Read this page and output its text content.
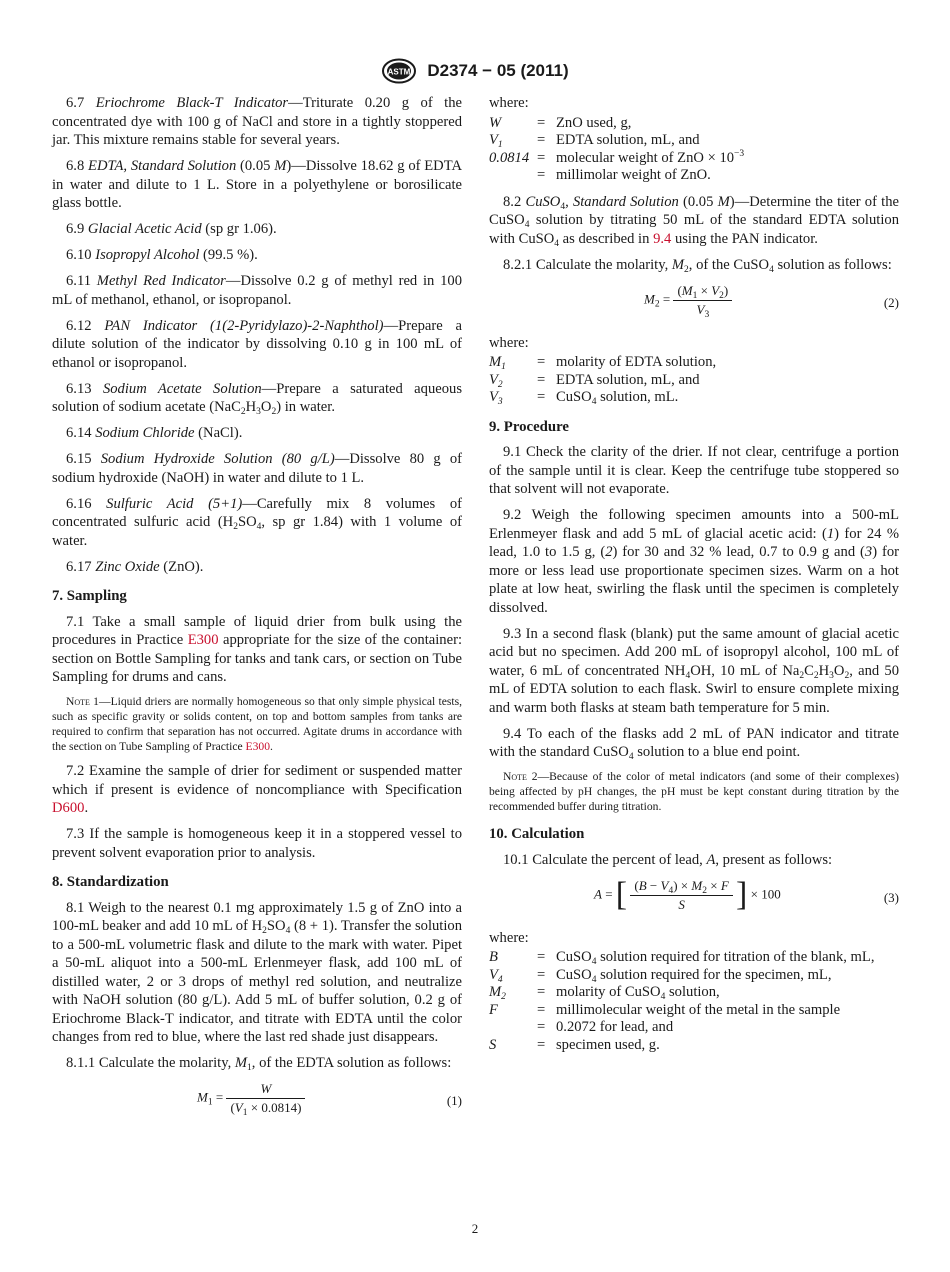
ASTM D2374 − 05 (2011)

6.7 Eriochrome Black-T Indicator—Triturate 0.20 g of the concentrated dye with 100 g of NaCl and store in a tightly stoppered jar. This mixture remains stable for several years.

6.8 EDTA, Standard Solution (0.05 M)—Dissolve 18.62 g of EDTA in water and dilute to 1 L. Store in a polyethylene or borosilicate glass bottle.

6.9 Glacial Acetic Acid (sp gr 1.06).

6.10 Isopropyl Alcohol (99.5 %).

6.11 Methyl Red Indicator—Dissolve 0.2 g of methyl red in 100 mL of methanol, ethanol, or isopropanol.

6.12 PAN Indicator (1(2-Pyridylazo)-2-Naphthol)—Prepare a dilute solution of the indicator by dissolving 0.10 g in 100 mL of ethanol or isopropanol.

6.13 Sodium Acetate Solution—Prepare a saturated aqueous solution of sodium acetate $(NaC_2H_3O_2)$ in water.

6.14 Sodium Chloride (NaCl).

6.15 Sodium Hydroxide Solution (80 g/L)—Dissolve 80 g of sodium hydroxide (NaOH) in water and dilute to 1 L.

6.16 Sulfuric Acid (5+1)—Carefully mix 8 volumes of concentrated sulfuric acid ($H_2SO_4$, sp gr 1.84) with 1 volume of water.

6.17 Zinc Oxide (ZnO).

7. Sampling

7.1 Take a small sample of liquid drier from bulk using the procedures in Practice E300 appropriate for the size of the container: section on Bottle Sampling for tanks and tank cars, or section on Tube Sampling for drums and cans.

Note 1—Liquid driers are normally homogeneous so that only simple physical tests, such as specific gravity or solids content, on top and bottom samples from tanks are required to confirm that separation has not occurred. Agitate drums in accordance with the section on Tube Sampling of Practice E300.

7.2 Examine the sample of drier for sediment or suspended matter which if present is evidence of noncompliance with Specification D600.

7.3 If the sample is homogeneous keep it in a stoppered vessel to prevent solvent evaporation prior to analysis.

8. Standardization

8.1 Weigh to the nearest 0.1 mg approximately 1.5 g of ZnO into a 100-mL beaker and add 10 mL of $H_2SO_4$ (8 + 1). Transfer the solution to a 500-mL volumetric flask and dilute to the mark with water. Pipet a 50-mL aliquot into a 500-mL Erlenmeyer flask, add 100 mL of distilled water, 2 or 3 drops of methyl red solution, and neutralize with NaOH solution (80 g/L). Add 5 mL of buffer solution, 0.2 g of Eriochrome Black-T indicator, and titrate with EDTA until the color changes from red to blue, where the last red shade just disappears.

8.1.1 Calculate the molarity, $M_1$, of the EDTA solution as follows:

$M_1 = \frac{W}{(V_1 \times 0.0814)}$	(1)

where:

W	=	ZnO used, g,
$V_1$	=	EDTA solution, mL, and
0.0814	=	molecular weight of ZnO × $10^{-3}$
	=	millimolar weight of ZnO.

8.2 CuSO$_4$, Standard Solution (0.05 M)—Determine the titer of the CuSO$_4$ solution by titrating 50 mL of the standard EDTA solution with CuSO$_4$ as described in 9.4 using the PAN indicator.

8.2.1 Calculate the molarity, $M_2$, of the CuSO$_4$ solution as follows:

$M_2 = \frac{(M_1 \times V_2)}{V_3}$	(2)

where:

$M_1$	=	molarity of EDTA solution,
$V_2$	=	EDTA solution, mL, and
$V_3$	=	CuSO$_4$ solution, mL.
9. Procedure

9.1 Check the clarity of the drier. If not clear, centrifuge a portion of the sample until it is clear. Keep the centrifuge tube stoppered so that solvent will not evaporate.

9.2 Weigh the following specimen amounts into a 500-mL Erlenmeyer flask and add 5 mL of glacial acetic acid: (1) for 24 % lead, 1.0 to 1.5 g, (2) for 30 and 32 % lead, 0.7 to 0.9 g and (3) for more or less lead use proportionate specimen sizes. Warm on a hot plate at low heat, swirling the flask until the specimen is completely dissolved.

9.3 In a second flask (blank) put the same amount of glacial acetic acid but no specimen. Add 200 mL of isopropyl alcohol, 100 mL of water, 6 mL of concentrated $NH_4OH$, 10 mL of $Na_2C_2H_3O_2$, and 50 mL of EDTA solution to each flask. Swirl to ensure complete mixing and warm both flasks at steam bath temperature for 5 min.

9.4 To each of the flasks add 2 mL of PAN indicator and titrate with the standard CuSO$_4$ solution to a blue end point.

Note 2—Because of the color of metal indicators (and some of their complexes) being affected by pH changes, the pH must be kept constant during titration by the recommended buffer during titration.
10. Calculation

10.1 Calculate the percent of lead, A, present as follows:

A = [ $\frac{(B - V_4) \times M_2 \times F}{S}$ ] × 100	(3)

where:

B	=	CuSO$_4$ solution required for titration of the blank, mL,
$V_4$	=	CuSO$_4$ solution required for the specimen, mL,
$M_2$	=	molarity of CuSO$_4$ solution,
F	=	millimolecular weight of the metal in the sample
	=	0.2072 for lead, and
S	=	specimen used, g.
2
